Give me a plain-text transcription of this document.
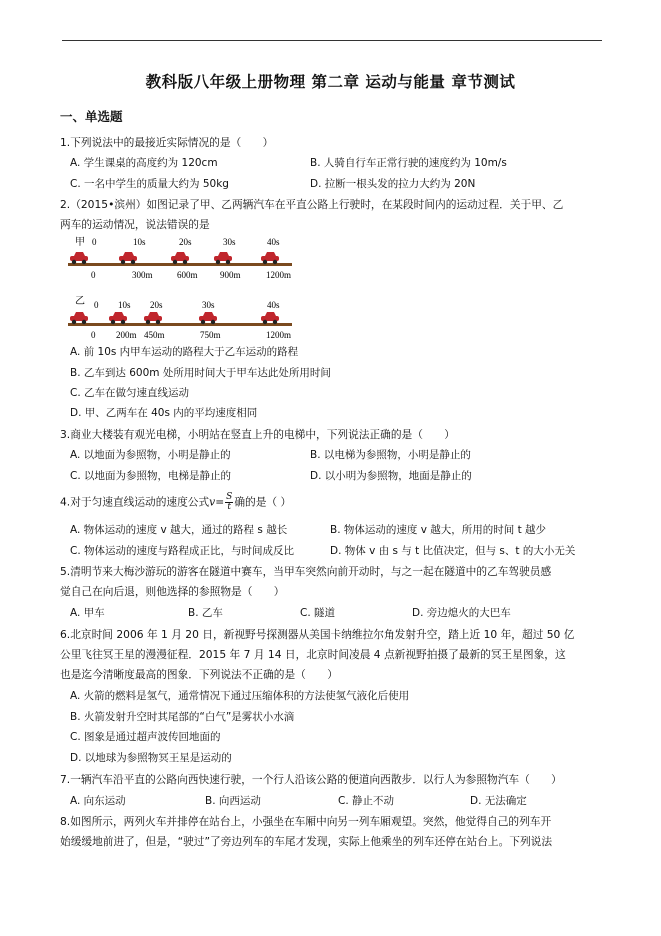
教科版八年级上册物理 第二章 运动与能量 章节测试
一、单选题
1.下列说法中的最接近实际情况的是（　　）
A. 学生课桌的高度约为 120cm	B. 人骑自行车正常行驶的速度约为 10m/s
C. 一名中学生的质量大约为 50kg	D. 拉断一根头发的拉力大约为 20N
2.（2015•滨州）如图记录了甲、乙两辆汽车在平直公路上行驶时，在某段时间内的运动过程．关于甲、乙
两车的运动情况，说法错误的是
甲 0	10s	20s	30s	40s
0	300m	600m 900m	1200m
乙 0 10s 20s	30s	40s
0 200m 450m	750m	1200m
A. 前 10s 内甲车运动的路程大于乙车运动的路程
B. 乙车到达 600m 处所用时间大于甲车达此处所用时间
C. 乙车在做匀速直线运动
D. 甲、乙两车在 40s 内的平均速度相同
3.商业大楼装有观光电梯，小明站在竖直上升的电梯中，下列说法正确的是（　　）
A. 以地面为参照物，小明是静止的	B. 以电梯为参照物，小明是静止的
C. 以地面为参照物，电梯是静止的	D. 以小明为参照物，地面是静止的
4.对于匀速直线运动的速度公式$v= \frac{S}{t}$ 确的是（ ）
A. 物体运动的速度 v 越大，通过的路程 s 越长	B. 物体运动的速度 v 越大，所用的时间 t 越少
C. 物体运动的速度与路程成正比，与时间成反比	D. 物体 v 由 s 与 t 比值决定，但与 s、t 的大小无关
5.清明节来大梅沙游玩的游客在隧道中赛车，当甲车突然向前开动时，与之一起在隧道中的乙车驾驶员感
觉自己在向后退，则他选择的参照物是（　　）
A. 甲车	B. 乙车	C. 隧道	D. 旁边熄火的大巴车
6.北京时间 2006 年 1 月 20 日，新视野号探测器从美国卡纳维拉尔角发射升空，踏上近 10 年，超过 50 亿
公里飞往冥王星的漫漫征程．2015 年 7 月 14 日，北京时间凌晨 4 点新视野拍摄了最新的冥王星图象，这
也是迄今清晰度最高的图象．下列说法不正确的是（　　）
A. 火箭的燃料是氢气，通常情况下通过压缩体积的方法使氢气液化后使用
B. 火箭发射升空时其尾部的“白气”是雾状小水滴
C. 图象是通过超声波传回地面的
D. 以地球为参照物冥王星是运动的
7.一辆汽车沿平直的公路向西快速行驶，一个行人沿该公路的便道向西散步．以行人为参照物汽车（　　）
A. 向东运动	B. 向西运动	C. 静止不动	D. 无法确定
8.如图所示，两列火车并排停在站台上，小强坐在车厢中向另一列车厢观望。突然，他觉得自己的列车开
始缓缓地前进了，但是，“驶过”了旁边列车的车尾才发现，实际上他乘坐的列车还停在站台上。下列说法
